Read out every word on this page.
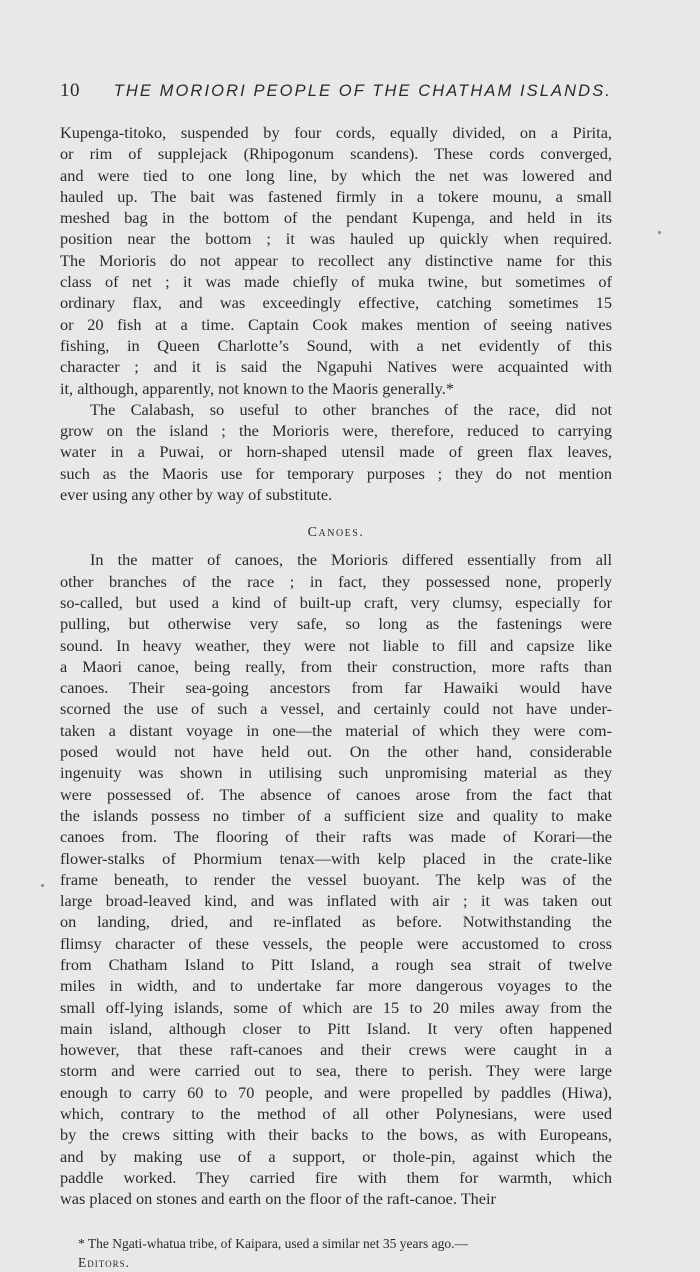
10	THE MORIORI PEOPLE OF THE CHATHAM ISLANDS.

Kupenga-titoko, suspended by four cords, equally divided, on a Pirita,
or rim of supplejack (Rhipogonum scandens). These cords converged,
and were tied to one long line, by which the net was lowered and
hauled up. The bait was fastened firmly in a tokere mounu, a small
meshed bag in the bottom of the pendant Kupenga, and held in its
position near the bottom ; it was hauled up quickly when required.
The Morioris do not appear to recollect any distinctive name for this
class of net ; it was made chiefly of muka twine, but sometimes of
ordinary flax, and was exceedingly effective, catching sometimes 15
or 20 fish at a time. Captain Cook makes mention of seeing natives
fishing, in Queen Charlotte’s Sound, with a net evidently of this
character ; and it is said the Ngapuhi Natives were acquainted with
it, although, apparently, not known to the Maoris generally.*

The Calabash, so useful to other branches of the race, did not
grow on the island ; the Morioris were, therefore, reduced to carrying
water in a Puwai, or horn-shaped utensil made of green flax leaves,
such as the Maoris use for temporary purposes ; they do not mention
ever using any other by way of substitute.

Canoes.

In the matter of canoes, the Morioris differed essentially from all
other branches of the race ; in fact, they possessed none, properly
so-called, but used a kind of built-up craft, very clumsy, especially for
pulling, but otherwise very safe, so long as the fastenings were
sound. In heavy weather, they were not liable to fill and capsize like
a Maori canoe, being really, from their construction, more rafts than
canoes. Their sea-going ancestors from far Hawaiki would have
scorned the use of such a vessel, and certainly could not have under-
taken a distant voyage in one—the material of which they were com-
posed would not have held out. On the other hand, considerable
ingenuity was shown in utilising such unpromising material as they
were possessed of. The absence of canoes arose from the fact that
the islands possess no timber of a sufficient size and quality to make
canoes from. The flooring of their rafts was made of Korari—the
flower-stalks of Phormium tenax—with kelp placed in the crate-like
frame beneath, to render the vessel buoyant. The kelp was of the
large broad-leaved kind, and was inflated with air ; it was taken out
on landing, dried, and re-inflated as before. Notwithstanding the
flimsy character of these vessels, the people were accustomed to cross
from Chatham Island to Pitt Island, a rough sea strait of twelve
miles in width, and to undertake far more dangerous voyages to the
small off-lying islands, some of which are 15 to 20 miles away from the
main island, although closer to Pitt Island. It very often happened
however, that these raft-canoes and their crews were caught in a
storm and were carried out to sea, there to perish. They were large
enough to carry 60 to 70 people, and were propelled by paddles (Hiwa),
which, contrary to the method of all other Polynesians, were used
by the crews sitting with their backs to the bows, as with Europeans,
and by making use of a support, or thole-pin, against which the
paddle worked. They carried fire with them for warmth, which
was placed on stones and earth on the floor of the raft-canoe. Their

* The Ngati-whatua tribe, of Kaipara, used a similar net 35 years ago.—
Editors.
